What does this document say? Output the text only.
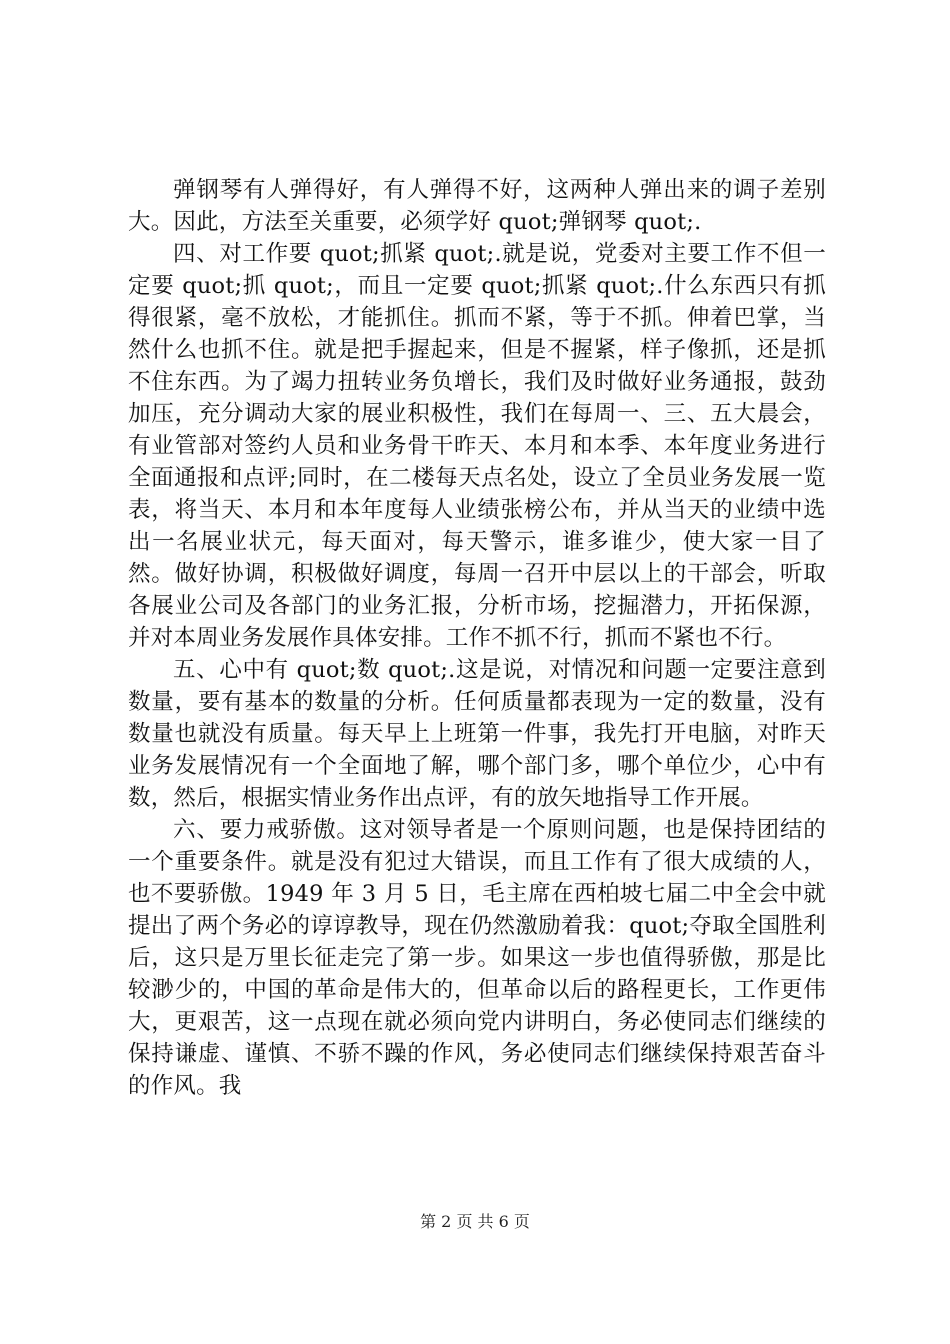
弹钢琴有人弹得好，有人弹得不好，这两种人弹出来的调子差别大。因此，方法至关重要，必须学好 quot;弹钢琴 quot;.

四、对工作要 quot;抓紧 quot;.就是说，党委对主要工作不但一定要 quot;抓 quot;，而且一定要 quot;抓紧 quot;.什么东西只有抓得很紧，毫不放松，才能抓住。抓而不紧，等于不抓。伸着巴掌，当然什么也抓不住。就是把手握起来，但是不握紧，样子像抓，还是抓不住东西。为了竭力扭转业务负增长，我们及时做好业务通报，鼓劲加压，充分调动大家的展业积极性，我们在每周一、三、五大晨会，有业管部对签约人员和业务骨干昨天、本月和本季、本年度业务进行全面通报和点评;同时，在二楼每天点名处，设立了全员业务发展一览表，将当天、本月和本年度每人业绩张榜公布，并从当天的业绩中选出一名展业状元，每天面对，每天警示，谁多谁少，使大家一目了然。做好协调，积极做好调度，每周一召开中层以上的干部会，听取各展业公司及各部门的业务汇报，分析市场，挖掘潜力，开拓保源，并对本周业务发展作具体安排。工作不抓不行，抓而不紧也不行。

五、心中有 quot;数 quot;.这是说，对情况和问题一定要注意到数量，要有基本的数量的分析。任何质量都表现为一定的数量，没有数量也就没有质量。每天早上上班第一件事，我先打开电脑，对昨天业务发展情况有一个全面地了解，哪个部门多，哪个单位少，心中有数，然后，根据实情业务作出点评，有的放矢地指导工作开展。

六、要力戒骄傲。这对领导者是一个原则问题，也是保持团结的一个重要条件。就是没有犯过大错误，而且工作有了很大成绩的人，也不要骄傲。1949 年 3 月 5 日，毛主席在西柏坡七届二中全会中就提出了两个务必的谆谆教导，现在仍然激励着我：quot;夺取全国胜利后，这只是万里长征走完了第一步。如果这一步也值得骄傲，那是比较渺少的，中国的革命是伟大的，但革命以后的路程更长，工作更伟大，更艰苦，这一点现在就必须向党内讲明白，务必使同志们继续的保持谦虚、谨慎、不骄不躁的作风，务必使同志们继续保持艰苦奋斗的作风。我

第 2 页 共 6 页
